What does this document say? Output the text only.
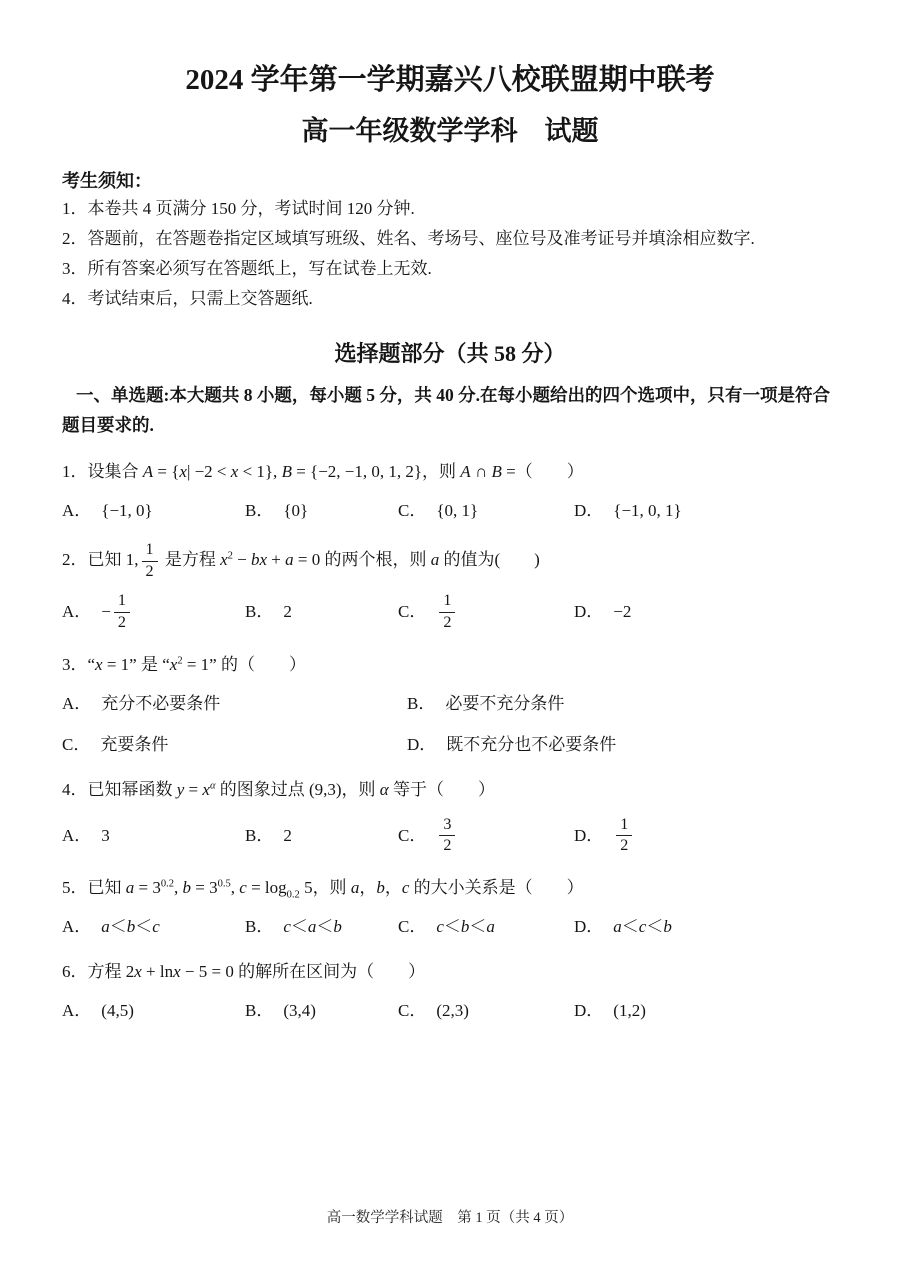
2024 学年第一学期嘉兴八校联盟期中联考
高一年级数学学科　试题
考生须知：
1．本卷共 4 页满分 150 分，考试时间 120 分钟.
2．答题前，在答题卷指定区域填写班级、姓名、考场号、座位号及准考证号并填涂相应数字.
3．所有答案必须写在答题纸上，写在试卷上无效.
4．考试结束后，只需上交答题纸.
选择题部分（共 58 分）

一、单选题:本大题共 8 小题，每小题 5 分，共 40 分.在每小题给出的四个选项中，只有一项是符合题目要求的.

1．设集合 A = {x| −2 < x < 1}, B = {−2, −1, 0, 1, 2}，则 A ∩ B =（　　）
A． {−1, 0}	B． {0}	C． {0, 1}	D． {−1, 0, 1}
2．已知 1, $\frac{1}{2}$ 是方程 $x^2$ − bx + a = 0 的两个根，则 a 的值为(　　)
A． − $\frac{1}{2}$	B． 2	C． $\frac{1}{2}$	D． −2
3．“x = 1” 是 “$x^2 = 1$” 的（　　）
A． 充分不必要条件	B． 必要不充分条件
C． 充要条件	D． 既不充分也不必要条件
4．已知幂函数 $y = x^\alpha$ 的图象过点 (9,3)，则 α 等于（　　）
A． 3	B． 2	C． $\frac{3}{2}$	D． $\frac{1}{2}$
5．已知 $a = 3^{0.2}$, $b = 3^{0.5}$, $c = \log_{0.2} 5$，则 a，b，c 的大小关系是（　　）
A． a ＜ b ＜ c	B． c ＜ a ＜ b	C． c ＜ b ＜ a	D． a ＜ c ＜ b
6．方程 2x + lnx − 5 = 0 的解所在区间为（　　）
A． (4,5)	B． (3,4)	C． (2,3)	D． (1,2)
高一数学学科试题　第 1 页（共 4 页）
